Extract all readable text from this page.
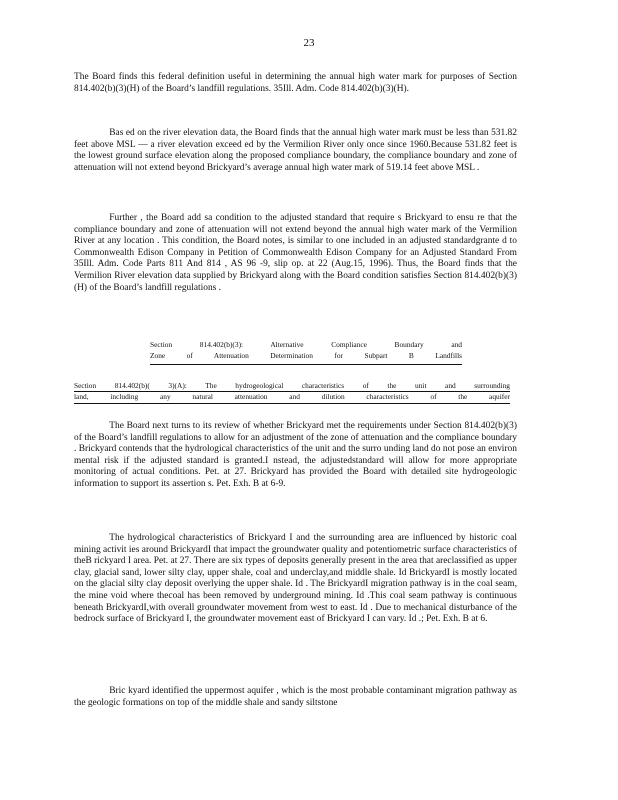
23

The Board finds this federal definition useful in determining the annual high water mark for purposes of Section 814.402(b)(3)(H) of the Board’s landfill regulations. 35Ill. Adm. Code 814.402(b)(3)(H).

Bas ed on the river elevation data, the Board finds that the annual high water mark must be less than 531.82 feet above MSL — a river elevation exceed ed by the Vermilion River only once since 1960.Because 531.82 feet is the lowest ground surface elevation along the proposed compliance boundary, the compliance boundary and zone of attenuation will not extend beyond Brickyard’s average annual high water mark of 519.14 feet above MSL .

Further , the Board add sa condition to the adjusted standard that require s Brickyard to ensu re that the compliance boundary and zone of attenuation will not extend beyond the annual high water mark of the Vermilion River at any location . This condition, the Board notes, is similar to one included in an adjusted standardgrante d to Commonwealth Edison Company in Petition of Commonwealth Edison Company for an Adjusted Standard From 35Ill. Adm. Code Parts 811 And 814 , AS 96 -9, slip op. at 22 (Aug.15, 1996). Thus, the Board finds that the Vermilion River elevation data supplied by Brickyard along with the Board condition satisfies Section 814.402(b)(3)(H) of the Board’s landfill regulations .

Section 814.402(b)(3): Alternative Compliance Boundary and
Zone of Attenuation Determination for Subpart B Landfills
Section 814.402(b)( 3)(A): The hydrogeological characteristics of the unit and surrounding
land, including any natural attenuation and dilution characteristics of the aquifer

The Board next turns to its review of whether Brickyard met the requirements under Section 814.402(b)(3) of the Board’s landfill regulations to allow for an adjustment of the zone of attenuation and the compliance boundary . Brickyard contends that the hydrological characteristics of the unit and the surro unding land do not pose an environ mental risk if the adjusted standard is granted.I nstead, the adjustedstandard will allow for more appropriate monitoring of actual conditions. Pet. at 27. Brickyard has provided the Board with detailed site hydrogeologic information to support its assertion s. Pet. Exh. B at 6-9.

The hydrological characteristics of Brickyard I and the surrounding area are influenced by historic coal mining activit ies around BrickyardI that impact the groundwater quality and potentiometric surface characteristics of theB rickyard I area. Pet. at 27. There are six types of deposits generally present in the area that areclassified as upper clay, glacial sand, lower silty clay, upper shale, coal and underclay,and middle shale. Id BrickyardI is mostly located on the glacial silty clay deposit overlying the upper shale. Id . The BrickyardI migration pathway is in the coal seam, the mine void where thecoal has been removed by underground mining. Id .This coal seam pathway is continuous beneath BrickyardI,with overall groundwater movement from west to east. Id . Due to mechanical disturbance of the bedrock surface of Brickyard I, the groundwater movement east of Brickyard I can vary. Id .; Pet. Exh. B at 6.

Bric kyard identified the uppermost aquifer , which is the most probable contaminant migration pathway as the geologic formations on top of the middle shale and sandy siltstone
